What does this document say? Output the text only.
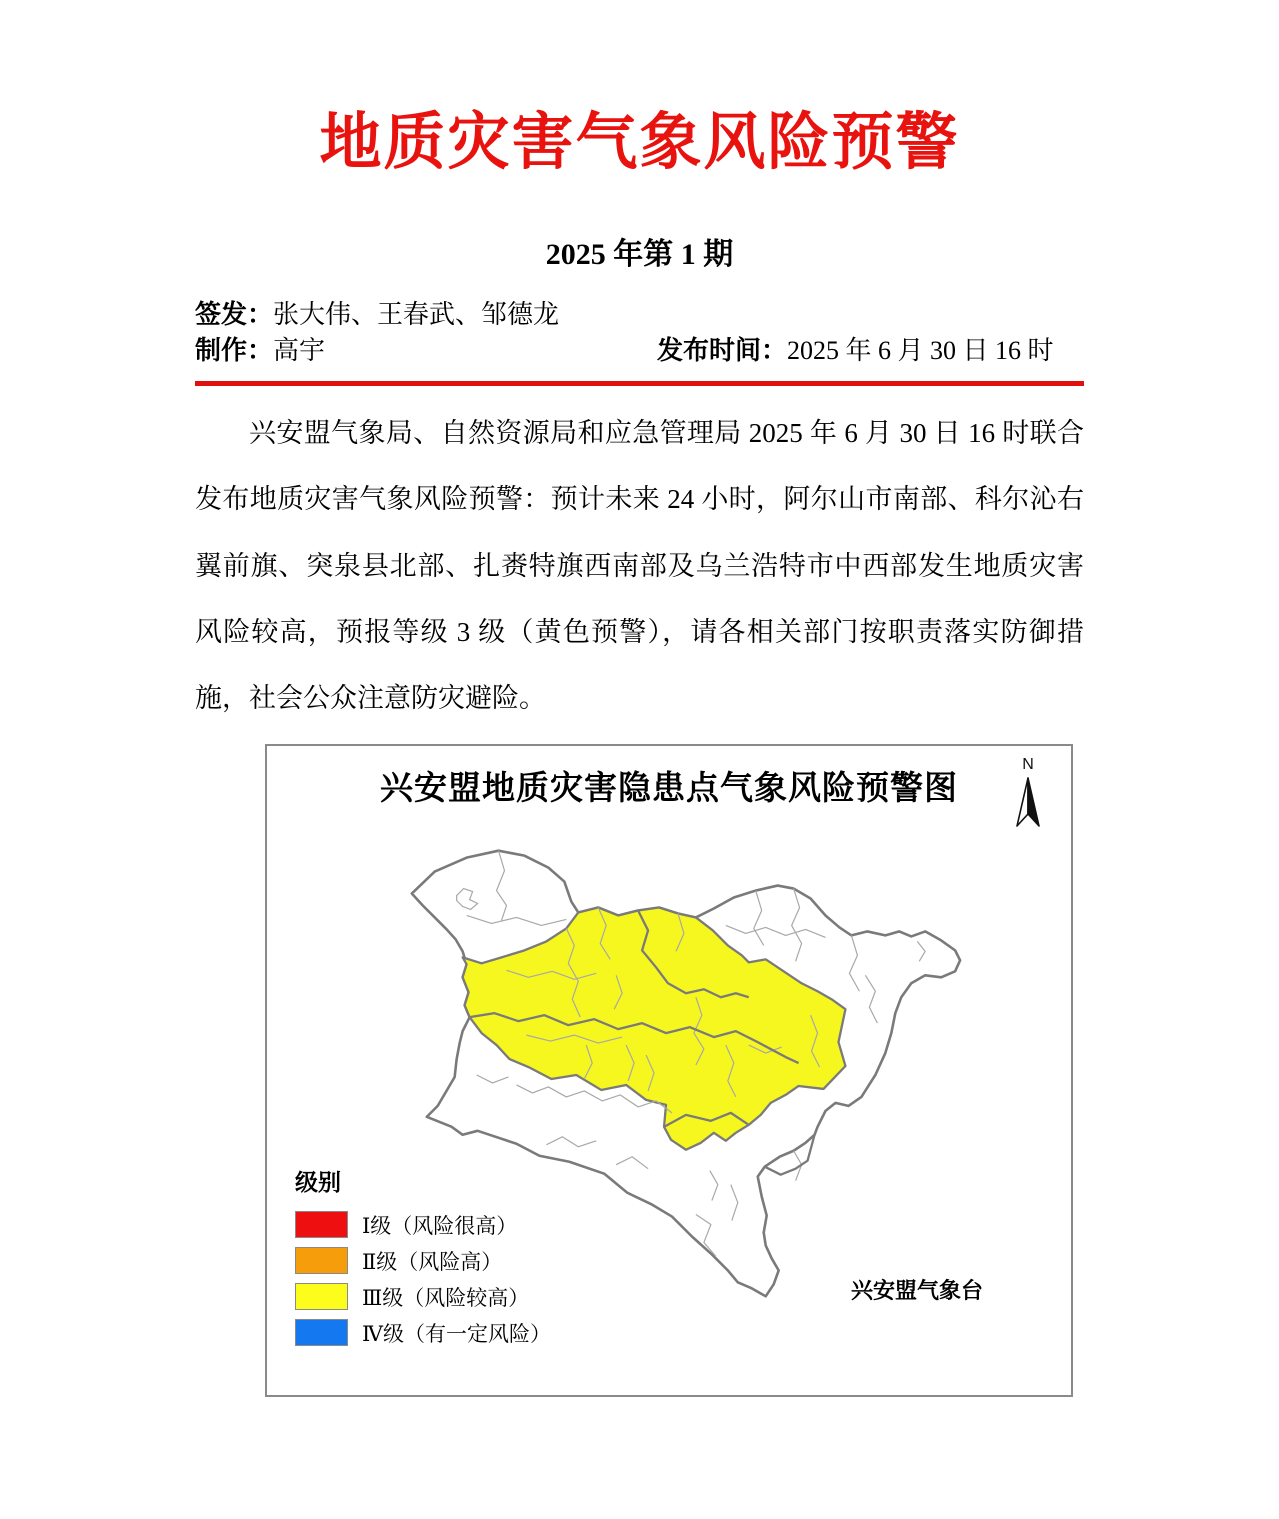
地质灾害气象风险预警
2025 年第 1 期
签发：张大伟、王春武、邹德龙
制作：高宇	发布时间：2025 年 6 月 30 日 16 时

兴安盟气象局、自然资源局和应急管理局 2025 年 6 月 30 日 16 时联合发布地质灾害气象风险预警：预计未来 24 小时，阿尔山市南部、科尔沁右翼前旗、突泉县北部、扎赉特旗西南部及乌兰浩特市中西部发生地质灾害风险较高，预报等级 3 级（黄色预警），请各相关部门按职责落实防御措施，社会公众注意防灾避险。

兴安盟地质灾害隐患点气象风险预警图
N
级别
Ⅰ级（风险很高）
Ⅱ级（风险高）
Ⅲ级（风险较高）
Ⅳ级（有一定风险）
兴安盟气象台
